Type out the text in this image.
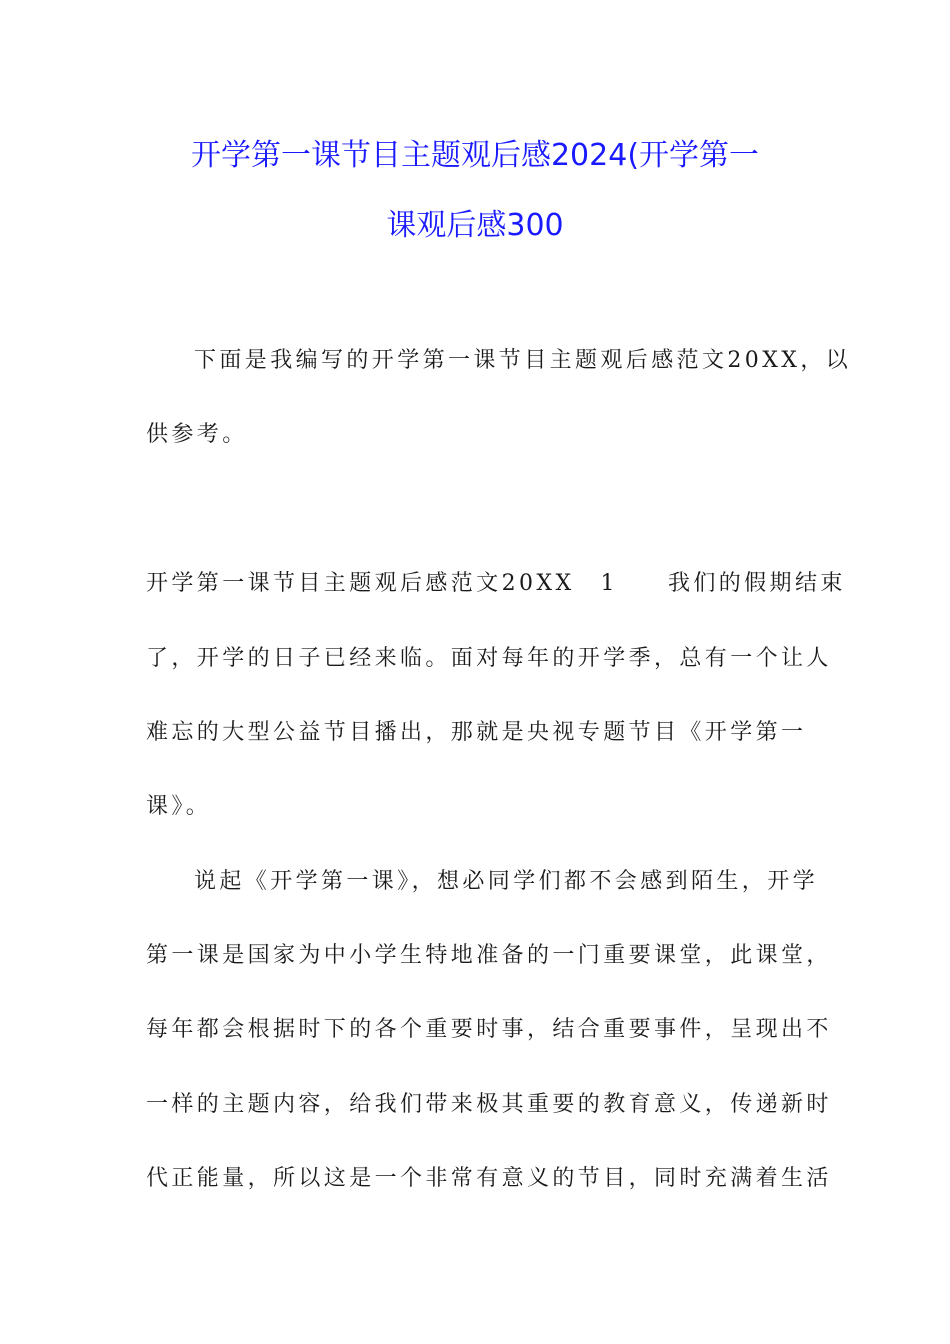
开学第一课节目主题观后感2024(开学第一
课观后感300
下面是我编写的开学第一课节目主题观后感范文20XX，以
供参考。
开学第一课节目主题观后感范文20XX 1 我们的假期结束
了，开学的日子已经来临。面对每年的开学季，总有一个让人
难忘的大型公益节目播出，那就是央视专题节目《开学第一
课》。
说起《开学第一课》，想必同学们都不会感到陌生，开学
第一课是国家为中小学生特地准备的一门重要课堂，此课堂，
每年都会根据时下的各个重要时事，结合重要事件，呈现出不
一样的主题内容，给我们带来极其重要的教育意义，传递新时
代正能量，所以这是一个非常有意义的节目，同时充满着生活
